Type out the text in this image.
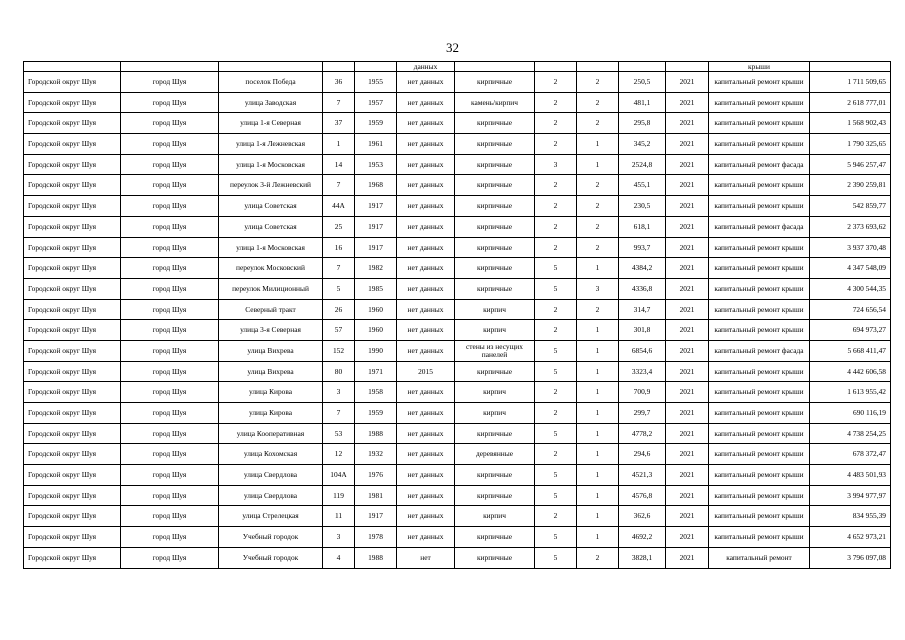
32
					данных						крыши	
Городской округ Шуя	город Шуя	поселок Победа	36	1955	нет данных	кирпичные	2	2	250,5	2021	капитальный ремонт крыши	1 711 509,65
Городской округ Шуя	город Шуя	улица Заводская	7	1957	нет данных	камень/кирпич	2	2	481,1	2021	капитальный ремонт крыши	2 618 777,01
Городской округ Шуя	город Шуя	улица 1-я Северная	37	1959	нет данных	кирпичные	2	2	295,8	2021	капитальный ремонт крыши	1 568 902,43
Городской округ Шуя	город Шуя	улица 1-я Лежневская	1	1961	нет данных	кирпичные	2	1	345,2	2021	капитальный ремонт крыши	1 790 325,65
Городской округ Шуя	город Шуя	улица 1-я Московская	14	1953	нет данных	кирпичные	3	1	2524,8	2021	капитальный ремонт фасада	5 946 257,47
Городской округ Шуя	город Шуя	переулок 3-й Лежневский	7	1968	нет данных	кирпичные	2	2	455,1	2021	капитальный ремонт крыши	2 390 259,81
Городской округ Шуя	город Шуя	улица Советская	44А	1917	нет данных	кирпичные	2	2	230,5	2021	капитальный ремонт крыши	542 859,77
Городской округ Шуя	город Шуя	улица Советская	25	1917	нет данных	кирпичные	2	2	618,1	2021	капитальный ремонт фасада	2 373 693,62
Городской округ Шуя	город Шуя	улица 1-я Московская	16	1917	нет данных	кирпичные	2	2	993,7	2021	капитальный ремонт крыши	3 937 370,48
Городской округ Шуя	город Шуя	переулок Московский	7	1982	нет данных	кирпичные	5	1	4384,2	2021	капитальный ремонт крыши	4 347 548,09
Городской округ Шуя	город Шуя	переулок Милиционный	5	1985	нет данных	кирпичные	5	3	4336,8	2021	капитальный ремонт крыши	4 300 544,35
Городской округ Шуя	город Шуя	Северный тракт	26	1960	нет данных	кирпич	2	2	314,7	2021	капитальный ремонт крыши	724 656,54
Городской округ Шуя	город Шуя	улица 3-я Северная	57	1960	нет данных	кирпич	2	1	301,8	2021	капитальный ремонт крыши	694 973,27
Городской округ Шуя	город Шуя	улица Вихрева	152	1990	нет данных	стены из несущих панелей	5	1	6854,6	2021	капитальный ремонт фасада	5 668 411,47
Городской округ Шуя	город Шуя	улица Вихрева	80	1971	2015	кирпичные	5	1	3323,4	2021	капитальный ремонт крыши	4 442 606,58
Городской округ Шуя	город Шуя	улица Кирова	3	1958	нет данных	кирпич	2	1	700,9	2021	капитальный ремонт крыши	1 613 955,42
Городской округ Шуя	город Шуя	улица Кирова	7	1959	нет данных	кирпич	2	1	299,7	2021	капитальный ремонт крыши	690 116,19
Городской округ Шуя	город Шуя	улица Кооперативная	53	1988	нет данных	кирпичные	5	1	4778,2	2021	капитальный ремонт крыши	4 738 254,25
Городской округ Шуя	город Шуя	улица Кохомская	12	1932	нет данных	деревянные	2	1	294,6	2021	капитальный ремонт крыши	678 372,47
Городской округ Шуя	город Шуя	улица Свердлова	104А	1976	нет данных	кирпичные	5	1	4521,3	2021	капитальный ремонт крыши	4 483 501,93
Городской округ Шуя	город Шуя	улица Свердлова	119	1981	нет данных	кирпичные	5	1	4576,8	2021	капитальный ремонт крыши	3 994 977,97
Городской округ Шуя	город Шуя	улица Стрелецкая	11	1917	нет данных	кирпич	2	1	362,6	2021	капитальный ремонт крыши	834 955,39
Городской округ Шуя	город Шуя	Учебный городок	3	1978	нет данных	кирпичные	5	1	4692,2	2021	капитальный ремонт крыши	4 652 973,21
Городской округ Шуя	город Шуя	Учебный городок	4	1988	нет	кирпичные	5	2	3828,1	2021	капитальный ремонт	3 796 097,08
